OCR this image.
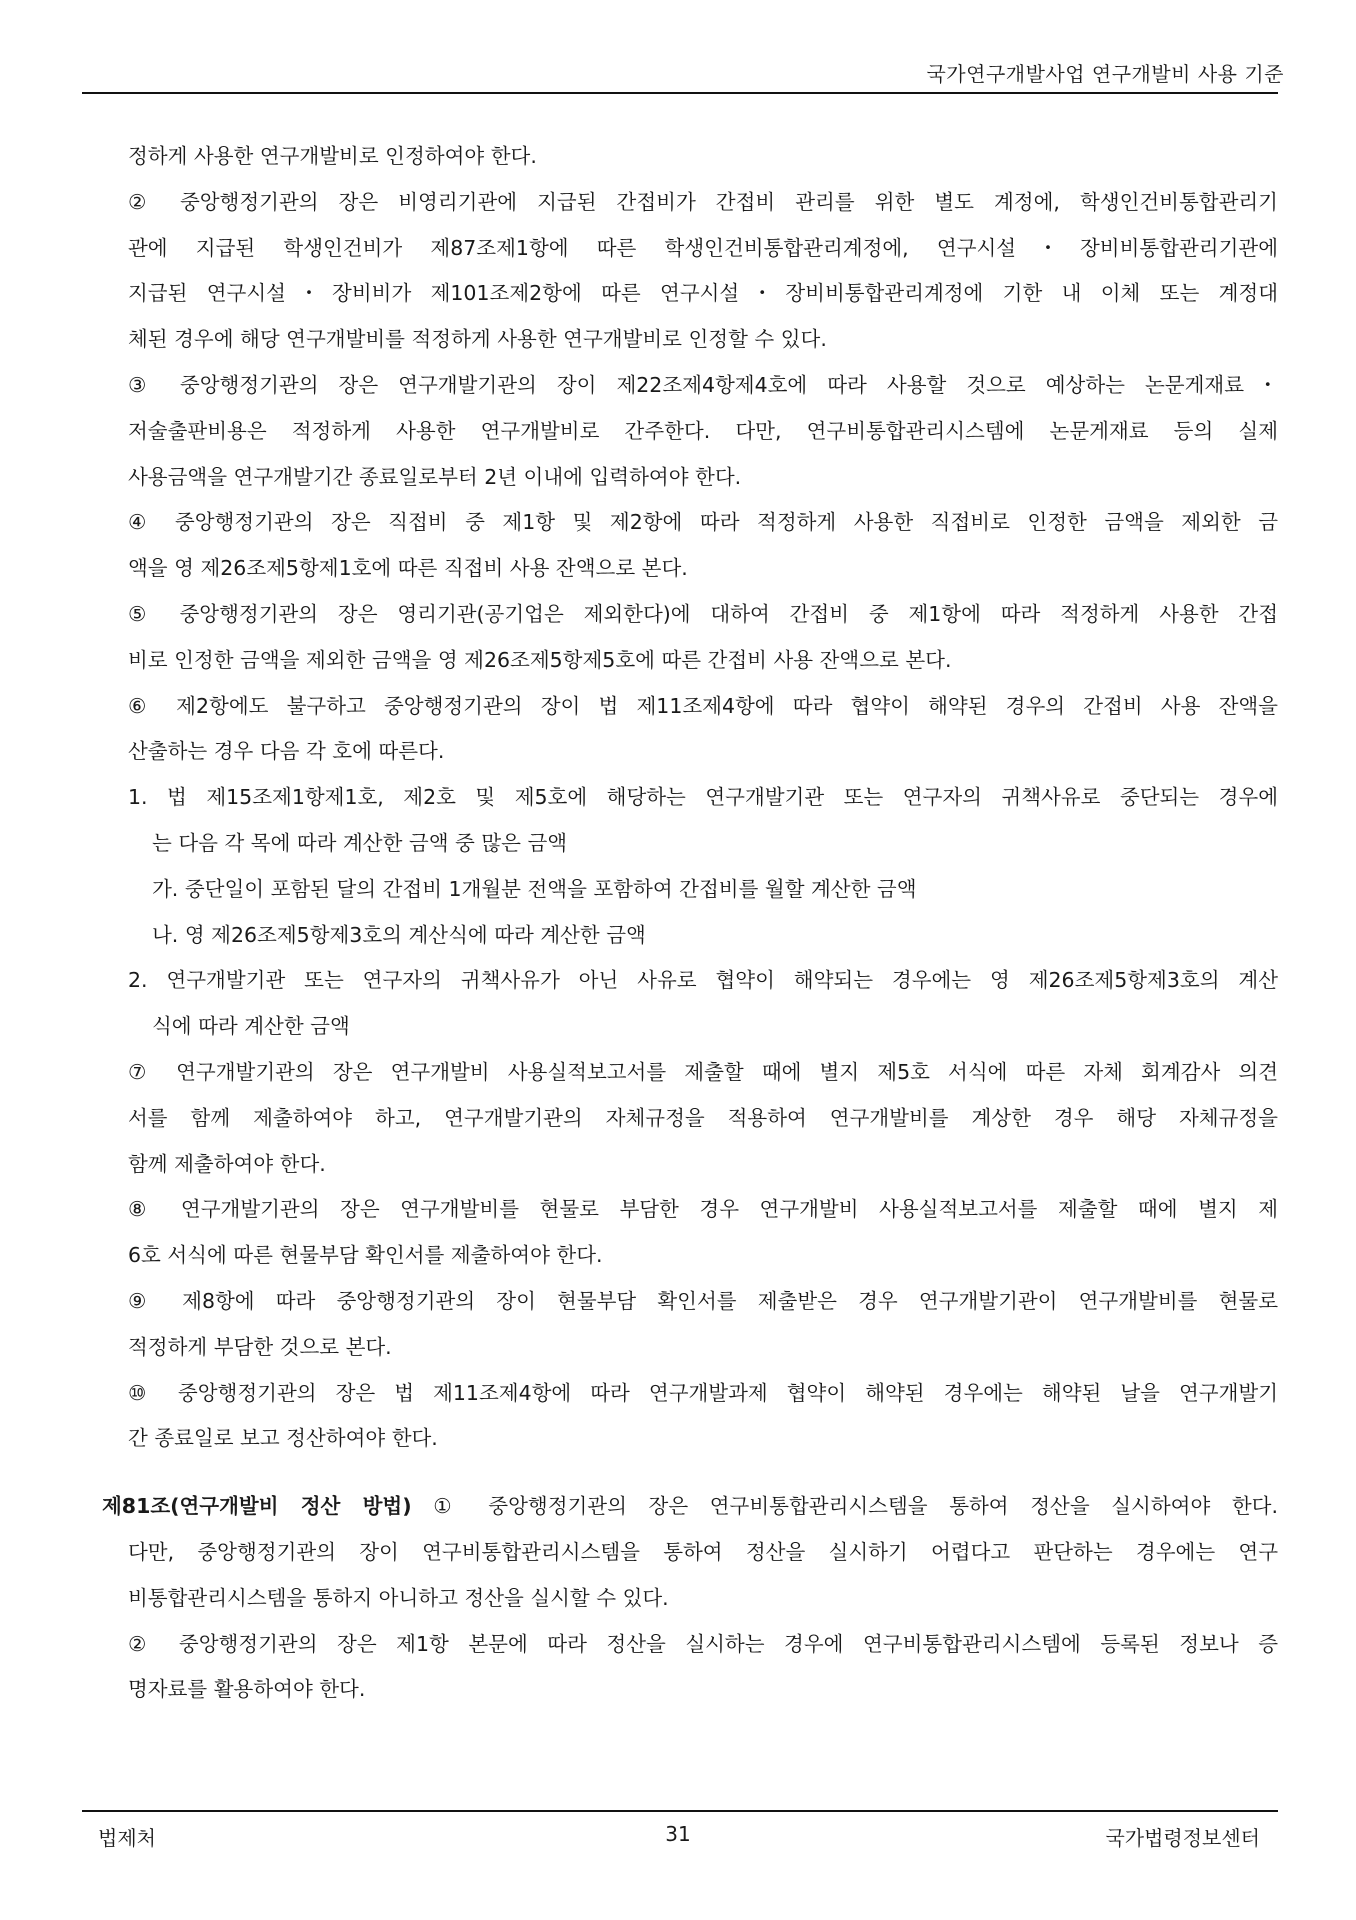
국가연구개발사업 연구개발비 사용 기준
정하게 사용한 연구개발비로 인정하여야 한다.
② 중앙행정기관의 장은 비영리기관에 지급된 간접비가 간접비 관리를 위한 별도 계정에, 학생인건비통합관리기
관에 지급된 학생인건비가 제87조제1항에 따른 학생인건비통합관리계정에, 연구시설・장비비통합관리기관에
지급된 연구시설・장비비가 제101조제2항에 따른 연구시설・장비비통합관리계정에 기한 내 이체 또는 계정대
체된 경우에 해당 연구개발비를 적정하게 사용한 연구개발비로 인정할 수 있다.
③ 중앙행정기관의 장은 연구개발기관의 장이 제22조제4항제4호에 따라 사용할 것으로 예상하는 논문게재료・
저술출판비용은 적정하게 사용한 연구개발비로 간주한다. 다만, 연구비통합관리시스템에 논문게재료 등의 실제
사용금액을 연구개발기간 종료일로부터 2년 이내에 입력하여야 한다.
④ 중앙행정기관의 장은 직접비 중 제1항 및 제2항에 따라 적정하게 사용한 직접비로 인정한 금액을 제외한 금
액을 영 제26조제5항제1호에 따른 직접비 사용 잔액으로 본다.
⑤ 중앙행정기관의 장은 영리기관(공기업은 제외한다)에 대하여 간접비 중 제1항에 따라 적정하게 사용한 간접
비로 인정한 금액을 제외한 금액을 영 제26조제5항제5호에 따른 간접비 사용 잔액으로 본다.
⑥ 제2항에도 불구하고 중앙행정기관의 장이 법 제11조제4항에 따라 협약이 해약된 경우의 간접비 사용 잔액을
산출하는 경우 다음 각 호에 따른다.
1. 법 제15조제1항제1호, 제2호 및 제5호에 해당하는 연구개발기관 또는 연구자의 귀책사유로 중단되는 경우에
는 다음 각 목에 따라 계산한 금액 중 많은 금액
가. 중단일이 포함된 달의 간접비 1개월분 전액을 포함하여 간접비를 월할 계산한 금액
나. 영 제26조제5항제3호의 계산식에 따라 계산한 금액
2. 연구개발기관 또는 연구자의 귀책사유가 아닌 사유로 협약이 해약되는 경우에는 영 제26조제5항제3호의 계산
식에 따라 계산한 금액
⑦ 연구개발기관의 장은 연구개발비 사용실적보고서를 제출할 때에 별지 제5호 서식에 따른 자체 회계감사 의견
서를 함께 제출하여야 하고, 연구개발기관의 자체규정을 적용하여 연구개발비를 계상한 경우 해당 자체규정을
함께 제출하여야 한다.
⑧ 연구개발기관의 장은 연구개발비를 현물로 부담한 경우 연구개발비 사용실적보고서를 제출할 때에 별지 제
6호 서식에 따른 현물부담 확인서를 제출하여야 한다.
⑨ 제8항에 따라 중앙행정기관의 장이 현물부담 확인서를 제출받은 경우 연구개발기관이 연구개발비를 현물로
적정하게 부담한 것으로 본다.
⑩ 중앙행정기관의 장은 법 제11조제4항에 따라 연구개발과제 협약이 해약된 경우에는 해약된 날을 연구개발기
간 종료일로 보고 정산하여야 한다.
제81조(연구개발비 정산 방법) ① 중앙행정기관의 장은 연구비통합관리시스템을 통하여 정산을 실시하여야 한다.
다만, 중앙행정기관의 장이 연구비통합관리시스템을 통하여 정산을 실시하기 어렵다고 판단하는 경우에는 연구
비통합관리시스템을 통하지 아니하고 정산을 실시할 수 있다.
② 중앙행정기관의 장은 제1항 본문에 따라 정산을 실시하는 경우에 연구비통합관리시스템에 등록된 정보나 증
명자료를 활용하여야 한다.
법제처	31	국가법령정보센터
